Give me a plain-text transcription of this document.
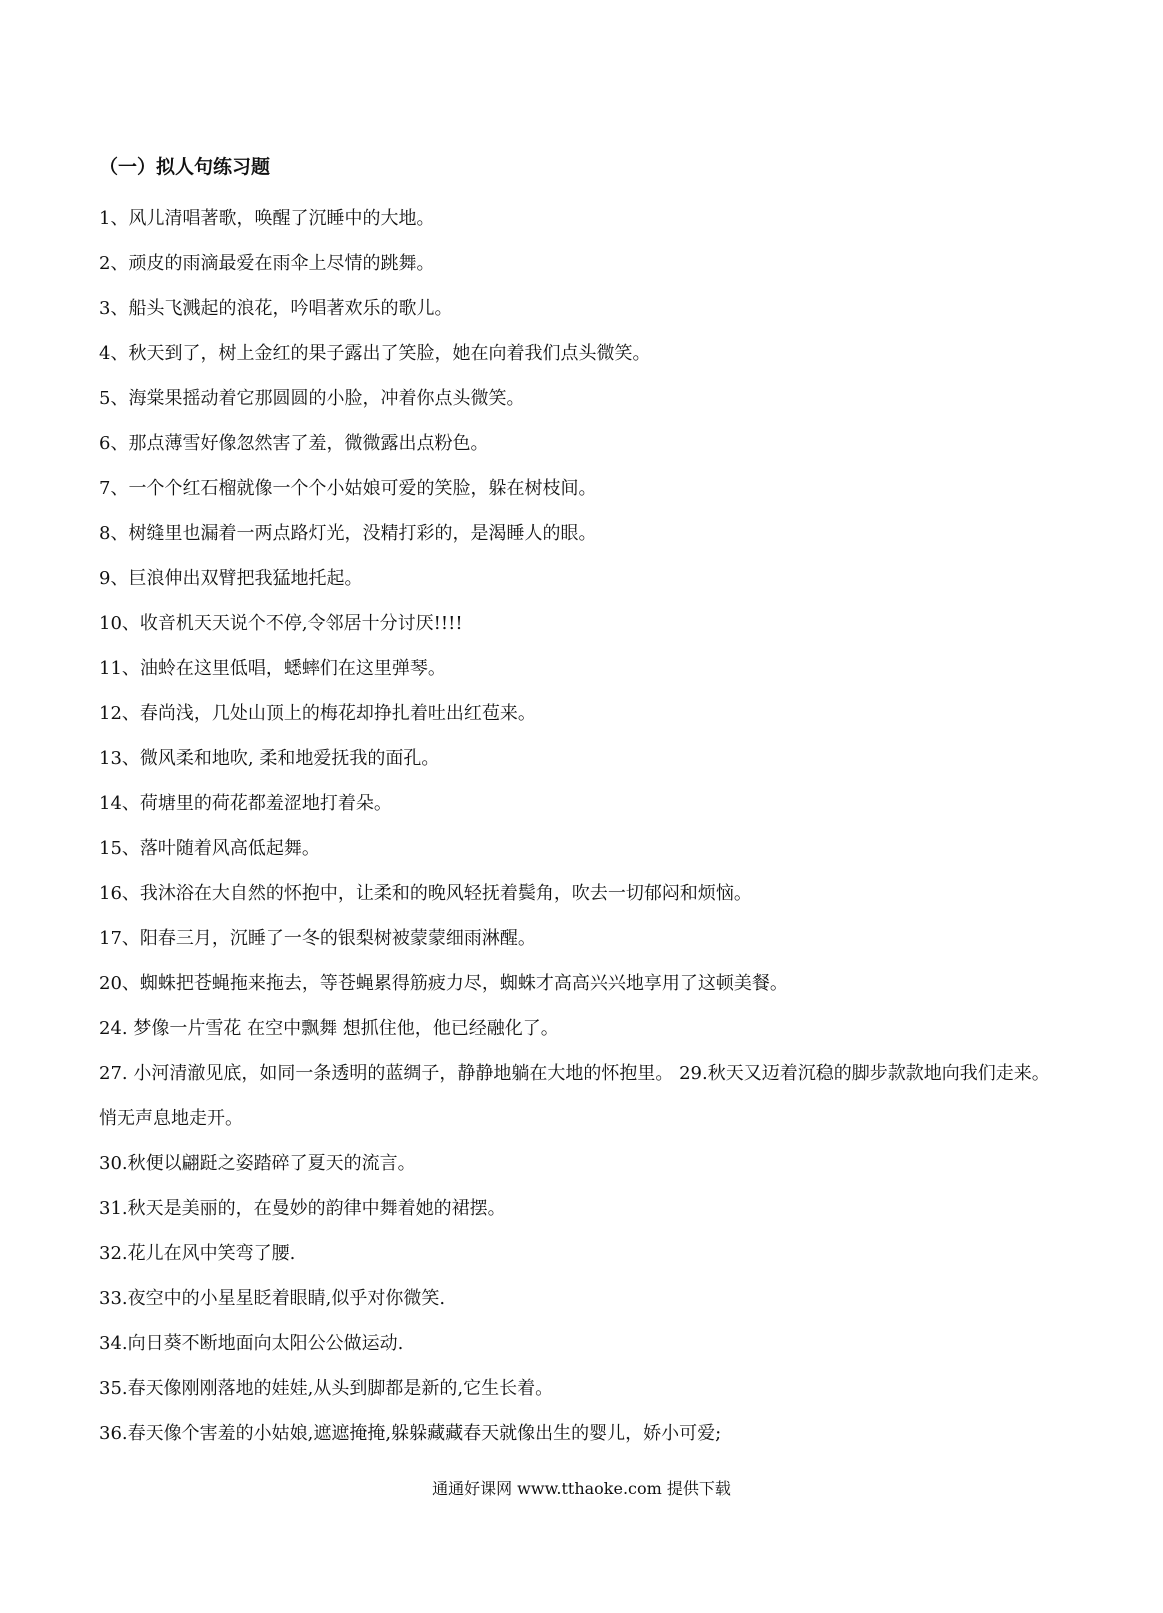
（一）拟人句练习题
1、风儿清唱著歌，唤醒了沉睡中的大地。
2、顽皮的雨滴最爱在雨伞上尽情的跳舞。
3、船头飞溅起的浪花，吟唱著欢乐的歌儿。
4、秋天到了，树上金红的果子露出了笑脸，她在向着我们点头微笑。
5、海棠果摇动着它那圆圆的小脸，冲着你点头微笑。
6、那点薄雪好像忽然害了羞，微微露出点粉色。
7、一个个红石榴就像一个个小姑娘可爱的笑脸，躲在树枝间。
8、树缝里也漏着一两点路灯光，没精打彩的，是渴睡人的眼。
9、巨浪伸出双臂把我猛地托起。
10、收音机天天说个不停,令邻居十分讨厌!!!!
11、油蛉在这里低唱，蟋蟀们在这里弹琴。
12、春尚浅，几处山顶上的梅花却挣扎着吐出红苞来。
13、微风柔和地吹, 柔和地爱抚我的面孔。
14、荷塘里的荷花都羞涩地打着朵。
15、落叶随着风高低起舞。
16、我沐浴在大自然的怀抱中，让柔和的晚风轻抚着鬓角，吹去一切郁闷和烦恼。
17、阳春三月，沉睡了一冬的银梨树被蒙蒙细雨淋醒。
20、蜘蛛把苍蝇拖来拖去，等苍蝇累得筋疲力尽，蜘蛛才高高兴兴地享用了这顿美餐。
24. 梦像一片雪花 在空中飘舞 想抓住他，他已经融化了。
27. 小河清澈见底，如同一条透明的蓝绸子，静静地躺在大地的怀抱里。 29.秋天又迈着沉稳的脚步款款地向我们走来。悄无声息地走开。
30.秋便以翩跹之姿踏碎了夏天的流言。
31.秋天是美丽的，在曼妙的韵律中舞着她的裙摆。
32.花儿在风中笑弯了腰.
33.夜空中的小星星眨着眼睛,似乎对你微笑.
34.向日葵不断地面向太阳公公做运动.
35.春天像刚刚落地的娃娃,从头到脚都是新的,它生长着。
36.春天像个害羞的小姑娘,遮遮掩掩,躲躲藏藏春天就像出生的婴儿，娇小可爱;
通通好课网 www.tthaoke.com 提供下载
